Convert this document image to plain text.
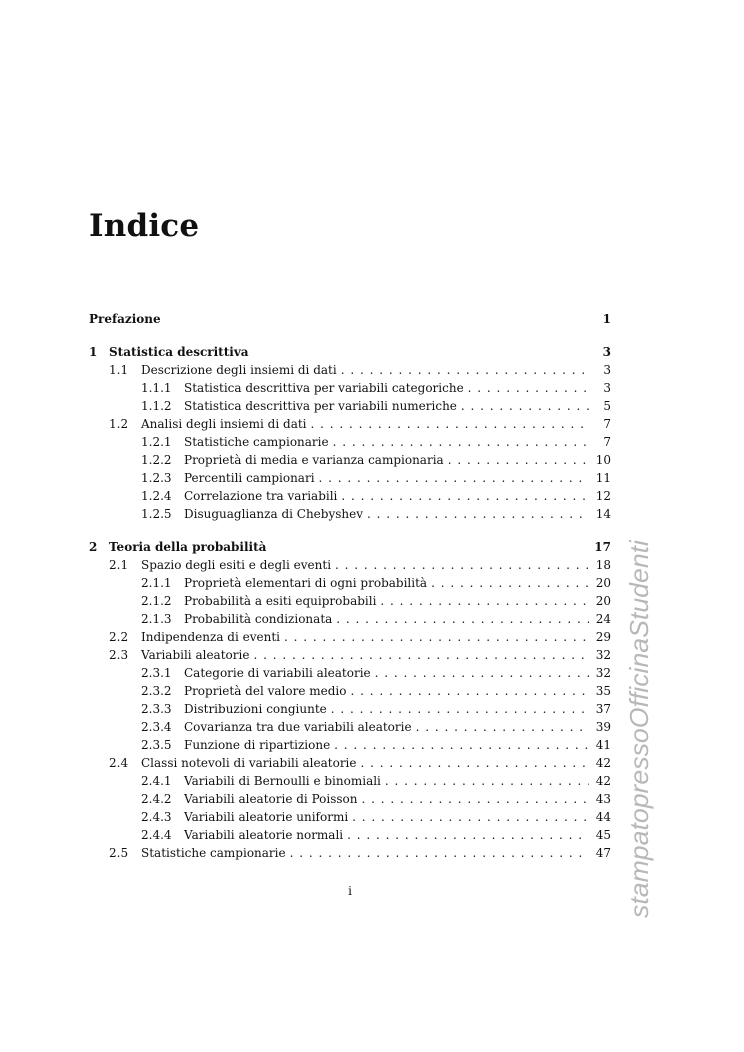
Indice
Prefazione	1
1 Statistica descrittiva	3
1.1	Descrizione degli insiemi di dati . . .	3
1.1.1	Statistica descrittiva per variabili categoriche . . .	3
1.1.2	Statistica descrittiva per variabili numeriche . . .	5
1.2	Analisi degli insiemi di dati . . .	7
1.2.1	Statistiche campionarie . . .	7
1.2.2	Proprietà di media e varianza campionaria . . .	10
1.2.3	Percentili campionari . . .	11
1.2.4	Correlazione tra variabili . . .	12
1.2.5	Disuguaglianza di Chebyshev . . .	14
2 Teoria della probabilità	17
2.1	Spazio degli esiti e degli eventi . . .	18
2.1.1	Proprietà elementari di ogni probabilità . . .	20
2.1.2	Probabilità a esiti equiprobabili . . .	20
2.1.3	Probabilità condizionata . . .	24
2.2	Indipendenza di eventi . . .	29
2.3	Variabili aleatorie . . .	32
2.3.1	Categorie di variabili aleatorie . . .	32
2.3.2	Proprietà del valore medio . . .	35
2.3.3	Distribuzioni congiunte . . .	37
2.3.4	Covarianza tra due variabili aleatorie . . .	39
2.3.5	Funzione di ripartizione . . .	41
2.4	Classi notevoli di variabili aleatorie . . .	42
2.4.1	Variabili di Bernoulli e binomiali . . .	42
2.4.2	Variabili aleatorie di Poisson . . .	43
2.4.3	Variabili aleatorie uniformi . . .	44
2.4.4	Variabili aleatorie normali . . .	45
2.5	Statistiche campionarie . . .	47
i	stampatopressoOfficinaStudenti
